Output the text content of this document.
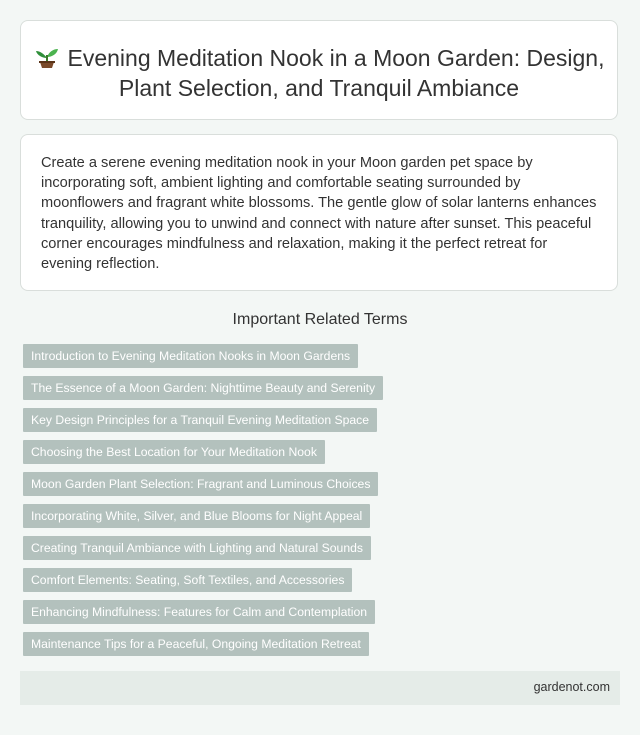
Evening Meditation Nook in a Moon Garden: Design, Plant Selection, and Tranquil Ambiance

Create a serene evening meditation nook in your Moon garden pet space by incorporating soft, ambient lighting and comfortable seating surrounded by moonflowers and fragrant white blossoms. The gentle glow of solar lanterns enhances tranquility, allowing you to unwind and connect with nature after sunset. This peaceful corner encourages mindfulness and relaxation, making it the perfect retreat for evening reflection.

Important Related Terms
Introduction to Evening Meditation Nooks in Moon Gardens
The Essence of a Moon Garden: Nighttime Beauty and Serenity
Key Design Principles for a Tranquil Evening Meditation Space
Choosing the Best Location for Your Meditation Nook
Moon Garden Plant Selection: Fragrant and Luminous Choices
Incorporating White, Silver, and Blue Blooms for Night Appeal
Creating Tranquil Ambiance with Lighting and Natural Sounds
Comfort Elements: Seating, Soft Textiles, and Accessories
Enhancing Mindfulness: Features for Calm and Contemplation
Maintenance Tips for a Peaceful, Ongoing Meditation Retreat
gardenot.com
